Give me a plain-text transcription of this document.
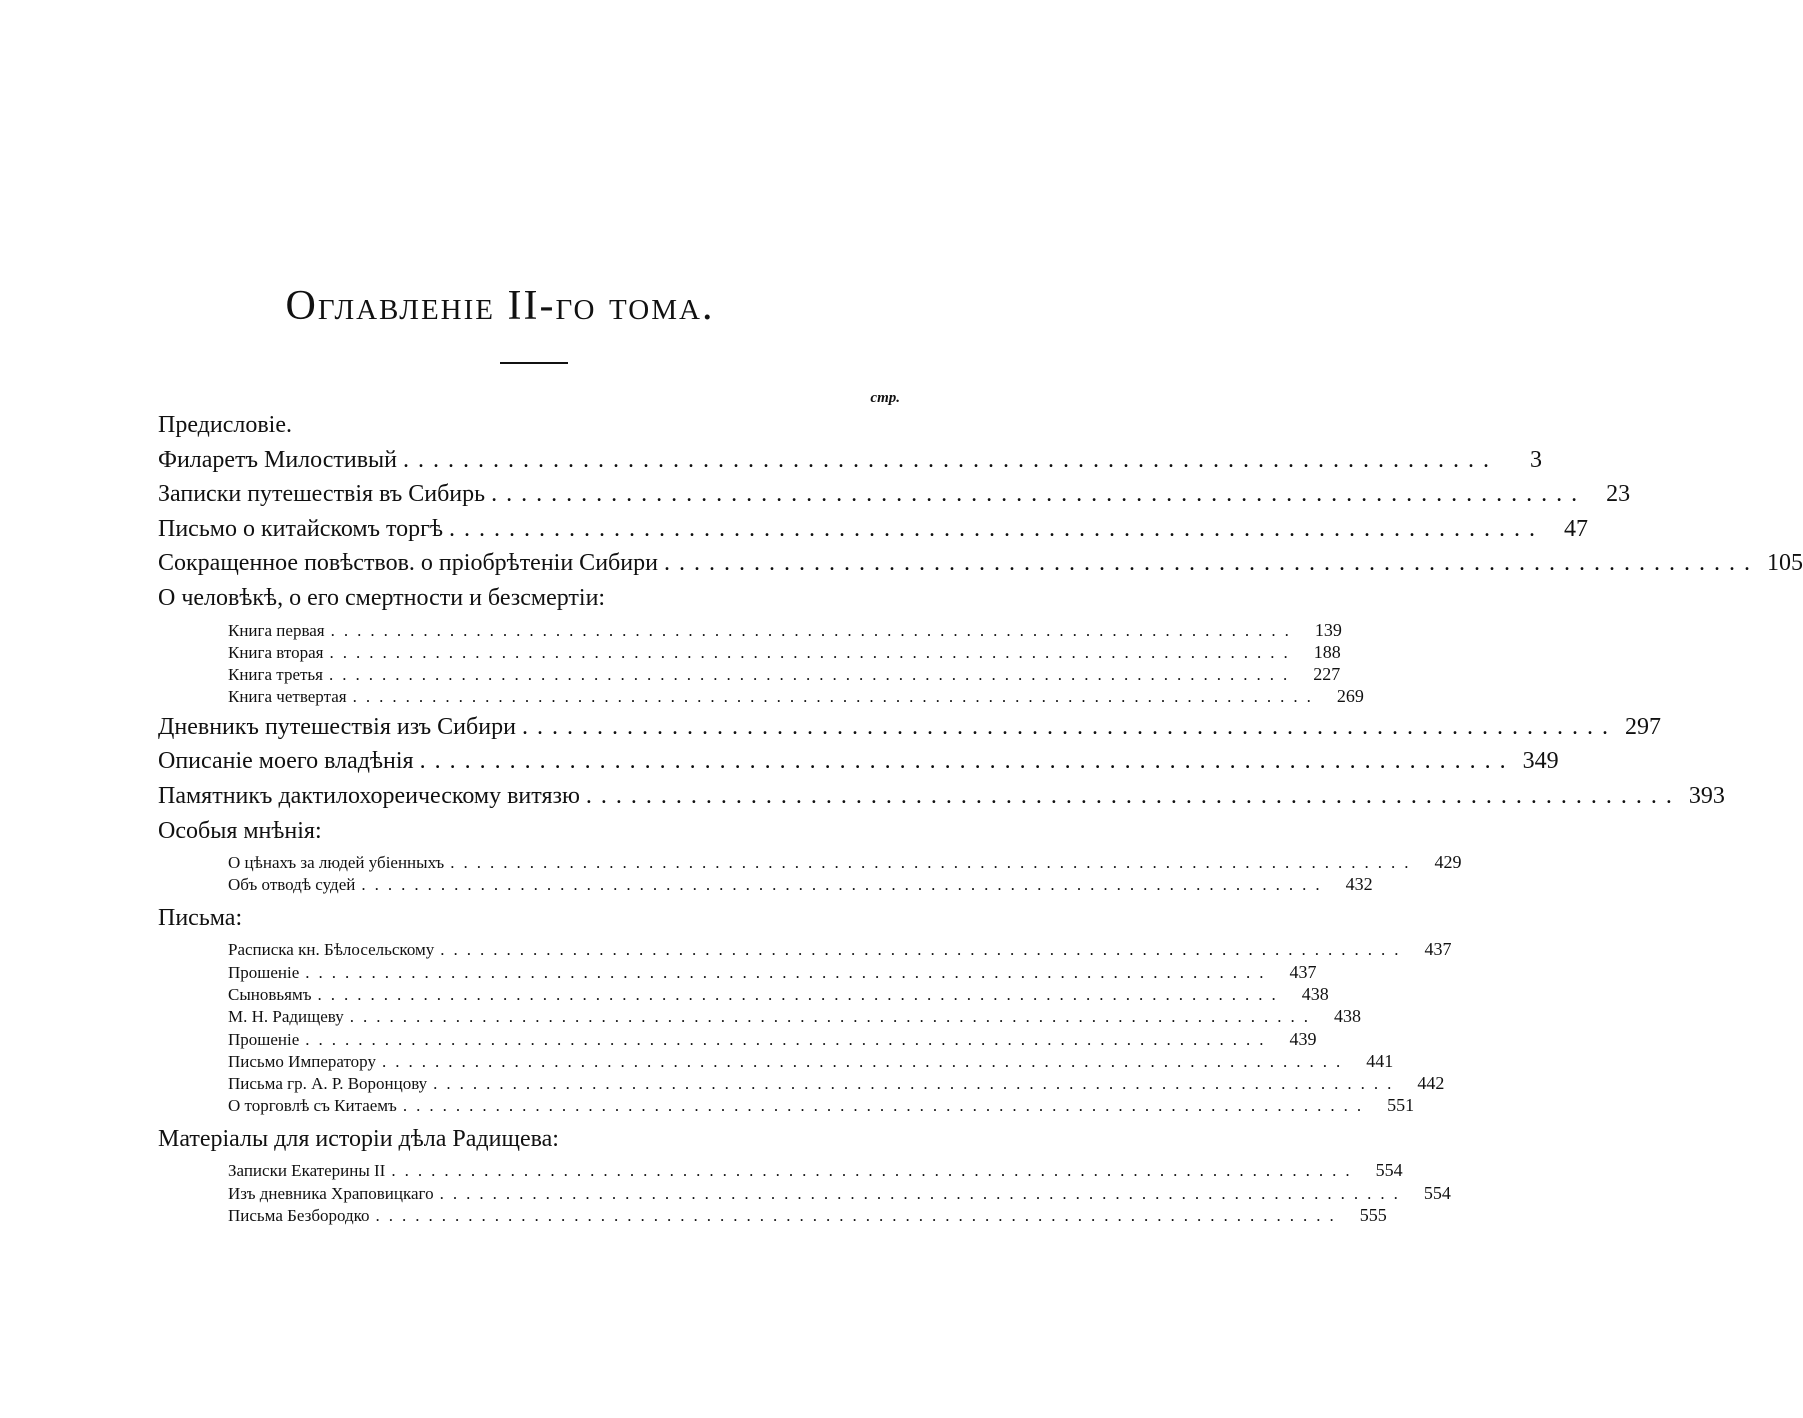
Оглавленіе II-го тома.
стр.
Предисловіе.
Филаретъ Милостивый .........................................................................	3
Записки путешествія въ Сибирь ......................................................................... 23
Письмо о китайскомъ торгѣ ......................................................................... 47
Сокращенное повѣствов. о пріобрѣтеніи Сибири ......................................................................... 105
О человѣкѣ, о его смертности и безсмертіи:
Книга первая ......................................................................... 139
Книга вторая ......................................................................... 188
Книга третья ......................................................................... 227
Книга четвертая ......................................................................... 269
Дневникъ путешествія изъ Сибири ......................................................................... 297
Описаніе моего владѣнія ......................................................................... 349
Памятникъ дактилохореическому витязю ......................................................................... 393
Особыя мнѣнія:
О цѣнахъ за людей убіенныхъ ......................................................................... 429
Объ отводѣ судей ......................................................................... 432
Письма:
Расписка кн. Бѣлосельскому ......................................................................... 437
Прошеніе ......................................................................... 437
Сыновьямъ ......................................................................... 438
М. Н. Радищеву ......................................................................... 438
Прошеніе ......................................................................... 439
Письмо Императору ......................................................................... 441
Письма гр. А. Р. Воронцову ......................................................................... 442
О торговлѣ съ Китаемъ ......................................................................... 551
Матеріалы для исторіи дѣла Радищева:
Записки Екатерины II ......................................................................... 554
Изъ дневника Храповицкаго ......................................................................... 554
Письма Безбородко ......................................................................... 555
